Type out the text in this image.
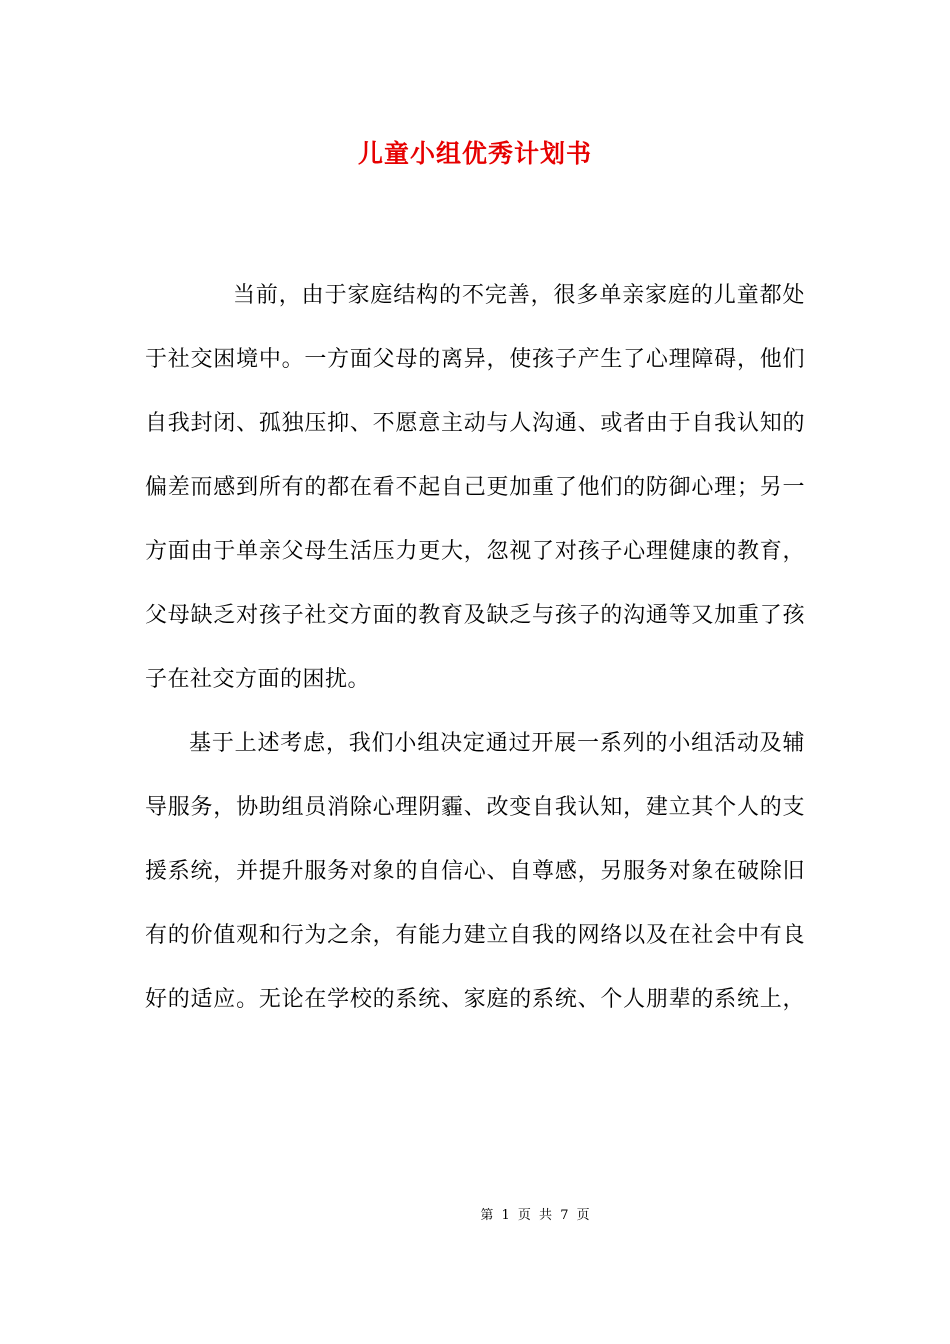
儿童小组优秀计划书
当前，由于家庭结构的不完善，很多单亲家庭的儿童都处
于社交困境中。一方面父母的离异，使孩子产生了心理障碍，他们
自我封闭、孤独压抑、不愿意主动与人沟通、或者由于自我认知的
偏差而感到所有的都在看不起自己更加重了他们的防御心理；另一
方面由于单亲父母生活压力更大，忽视了对孩子心理健康的教育，
父母缺乏对孩子社交方面的教育及缺乏与孩子的沟通等又加重了孩
子在社交方面的困扰。
基于上述考虑，我们小组决定通过开展一系列的小组活动及辅
导服务，协助组员消除心理阴霾、改变自我认知，建立其个人的支
援系统，并提升服务对象的自信心、自尊感，另服务对象在破除旧
有的价值观和行为之余，有能力建立自我的网络以及在社会中有良
好的适应。无论在学校的系统、家庭的系统、个人朋辈的系统上，
第 1 页 共 7 页
